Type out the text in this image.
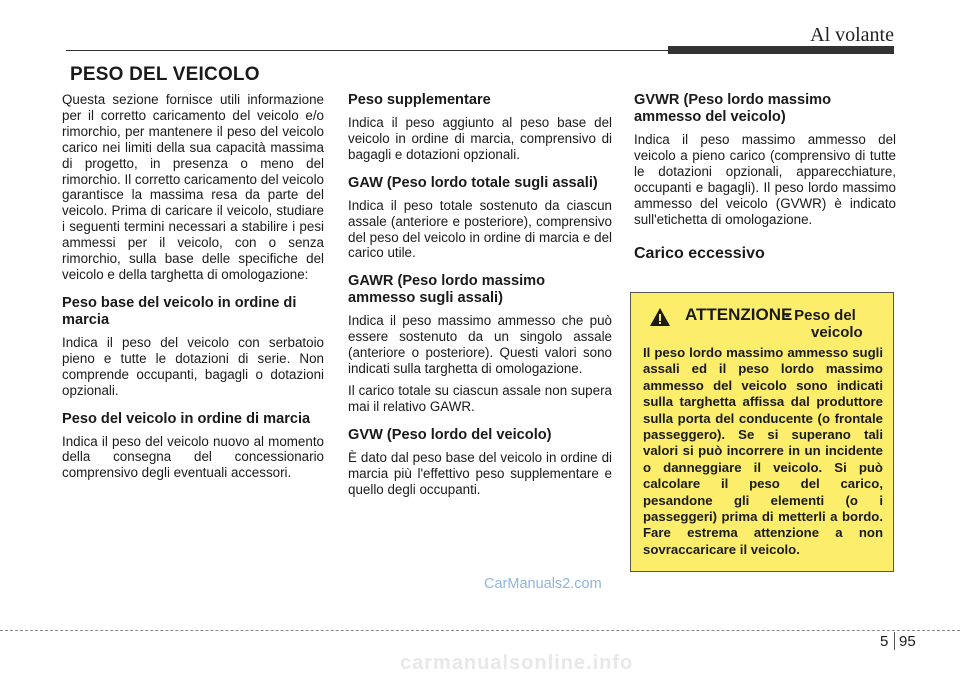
Al volante
PESO DEL VEICOLO

Questa sezione fornisce utili informazione per il corretto caricamento del veicolo e/o rimorchio, per mantenere il peso del veicolo carico nei limiti della sua capacità massima di progetto, in presenza o meno del rimorchio. Il corretto caricamento del veicolo garantisce la massima resa da parte del veicolo. Prima di caricare il veicolo, studiare i seguenti termini necessari a stabilire i pesi ammessi per il veicolo, con o senza rimorchio, sulla base delle specifiche del veicolo e della targhetta di omologazione:

Peso base del veicolo in ordine di marcia

Indica il peso del veicolo con serbatoio pieno e tutte le dotazioni di serie. Non comprende occupanti, bagagli o dotazioni opzionali.

Peso del veicolo in ordine di marcia

Indica il peso del veicolo nuovo al momento della consegna del concessionario comprensivo degli eventuali accessori.

Peso supplementare

Indica il peso aggiunto al peso base del veicolo in ordine di marcia, comprensivo di bagagli e dotazioni opzionali.

GAW (Peso lordo totale sugli assali)

Indica il peso totale sostenuto da ciascun assale (anteriore e posteriore), comprensivo del peso del veicolo in ordine di marcia e del carico utile.

GAWR (Peso lordo massimo ammesso sugli assali)

Indica il peso massimo ammesso che può essere sostenuto da un singolo assale (anteriore o posteriore). Questi valori sono indicati sulla targhetta di omologazione.

Il carico totale su ciascun assale non supera mai il relativo GAWR.

GVW (Peso lordo del veicolo)

È dato dal peso base del veicolo in ordine di marcia più l'effettivo peso supplementare e quello degli occupanti.

GVWR (Peso lordo massimo ammesso del veicolo)

Indica il peso massimo ammesso del veicolo a pieno carico (comprensivo di tutte le dotazioni opzionali, apparecchiature, occupanti e bagagli). Il peso lordo massimo ammesso del veicolo (GVWR) è indicato sull'etichetta di omologazione.

Carico eccessivo
ATTENZIONE
- Peso del
veicolo

Il peso lordo massimo ammesso sugli assali ed il peso lordo massimo ammesso del veicolo sono indicati sulla targhetta affissa dal produttore sulla porta del conducente (o frontale passeggero). Se si superano tali valori si può incorrere in un incidente o danneggiare il veicolo. Si può calcolare il peso del carico, pesandone gli elementi (o i passeggeri) prima di metterli a bordo. Fare estrema attenzione a non sovraccaricare il veicolo.

CarManuals2.com
5 95
carmanualsonline.info
